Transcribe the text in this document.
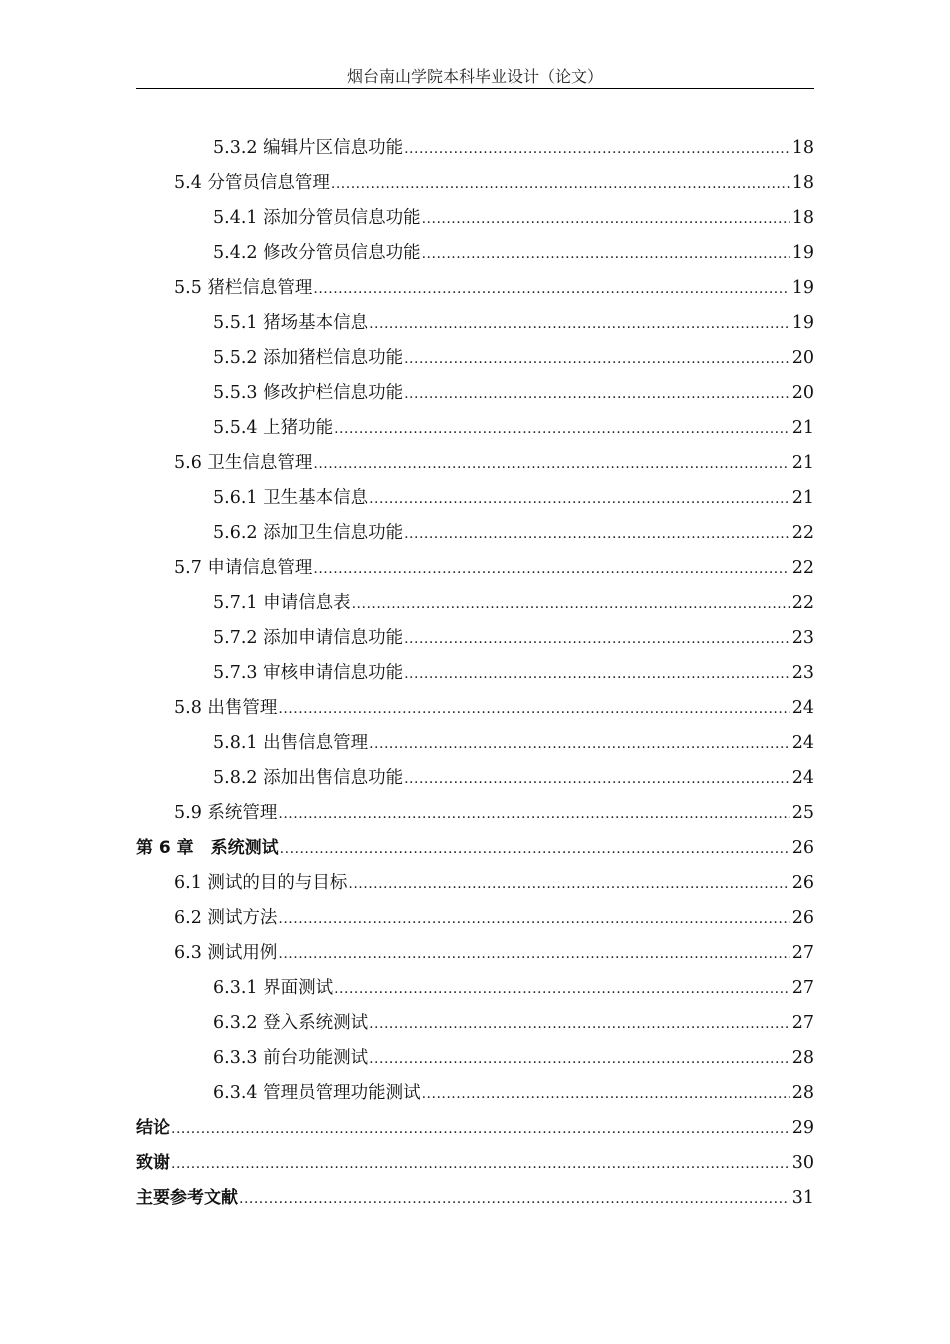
烟台南山学院本科毕业设计（论文）
5.3.2 编辑片区信息功能 .....	18
5.4 分管员信息管理 .....	18
5.4.1 添加分管员信息功能 .....	18
5.4.2 修改分管员信息功能 .....	19
5.5 猪栏信息管理 .....	19
5.5.1 猪场基本信息 .....	19
5.5.2 添加猪栏信息功能 .....	20
5.5.3 修改护栏信息功能 .....	20
5.5.4 上猪功能 .....	21
5.6 卫生信息管理 .....	21
5.6.1 卫生基本信息 .....	21
5.6.2 添加卫生信息功能 .....	22
5.7 申请信息管理 .....	22
5.7.1 申请信息表 .....	22
5.7.2 添加申请信息功能 .....	23
5.7.3 审核申请信息功能 .....	23
5.8 出售管理 .....	24
5.8.1 出售信息管理 .....	24
5.8.2 添加出售信息功能 .....	24
5.9 系统管理 .....	25
第 6 章　系统测试 .....	26
6.1 测试的目的与目标 .....	26
6.2 测试方法 .....	26
6.3 测试用例 .....	27
6.3.1 界面测试 .....	27
6.3.2 登入系统测试 .....	27
6.3.3 前台功能测试 .....	28
6.3.4 管理员管理功能测试 .....	28
结论 .....	29
致谢 .....	30
主要参考文献 .....	31
